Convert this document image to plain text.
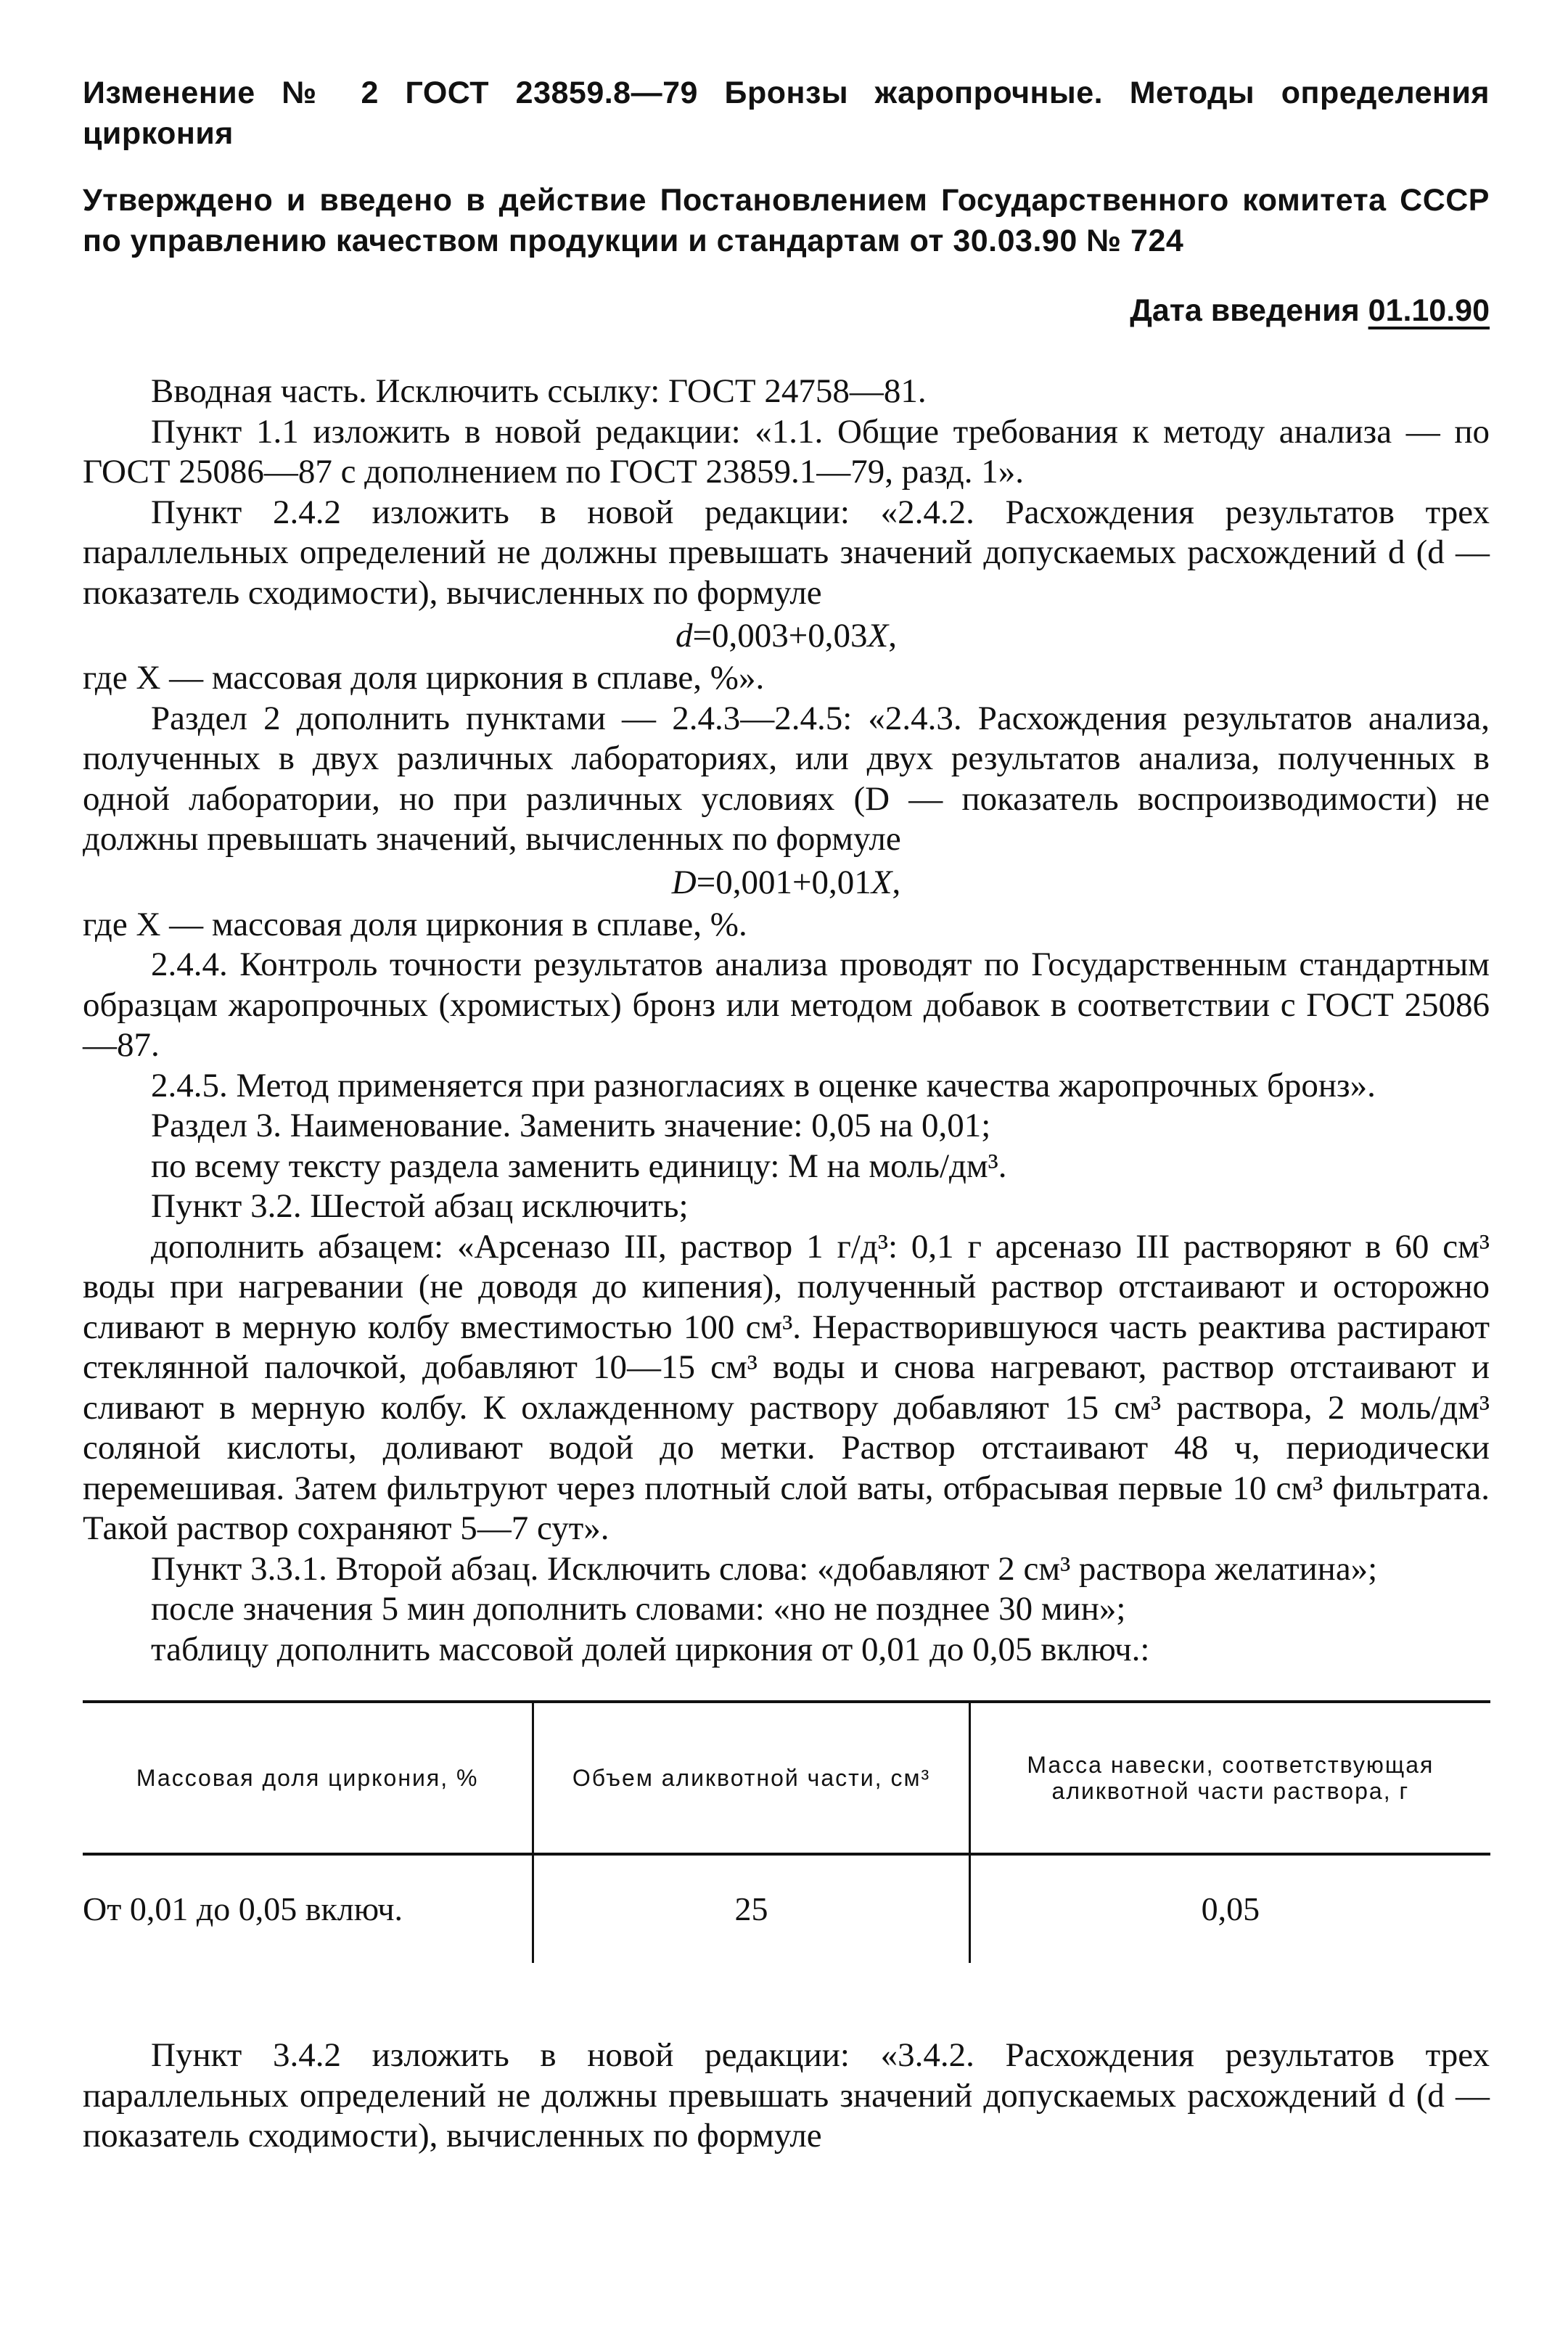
Изменение № 2 ГОСТ 23859.8—79 Бронзы жаропрочные. Методы определения циркония

Утверждено и введено в действие Постановлением Государственного комитета СССР по управлению качеством продукции и стандартам от 30.03.90 № 724

Дата введения 01.10.90

Вводная часть. Исключить ссылку: ГОСТ 24758—81.

Пункт 1.1 изложить в новой редакции: «1.1. Общие требования к методу анализа — по ГОСТ 25086—87 с дополнением по ГОСТ 23859.1—79, разд. 1».

Пункт 2.4.2 изложить в новой редакции: «2.4.2. Расхождения результатов трех параллельных определений не должны превышать значений допускаемых расхождений d (d — показатель сходимости), вычисленных по формуле

d=0,003+0,03X,

где X — массовая доля циркония в сплаве, %».

Раздел 2 дополнить пунктами — 2.4.3—2.4.5: «2.4.3. Расхождения результатов анализа, полученных в двух различных лабораториях, или двух результатов анализа, полученных в одной лаборатории, но при различных условиях (D — показатель воспроизводимости) не должны превышать значений, вычисленных по формуле

D=0,001+0,01X,

где X — массовая доля циркония в сплаве, %.

2.4.4. Контроль точности результатов анализа проводят по Государственным стандартным образцам жаропрочных (хромистых) бронз или методом добавок в соответствии с ГОСТ 25086—87.

2.4.5. Метод применяется при разногласиях в оценке качества жаропрочных бронз».

Раздел 3. Наименование. Заменить значение: 0,05 на 0,01;

по всему тексту раздела заменить единицу: М на моль/дм³.

Пункт 3.2. Шестой абзац исключить;

дополнить абзацем: «Арсеназо III, раствор 1 г/д³: 0,1 г арсеназо III растворяют в 60 см³ воды при нагревании (не доводя до кипения), полученный раствор отстаивают и осторожно сливают в мерную колбу вместимостью 100 см³. Нерастворившуюся часть реактива растирают стеклянной палочкой, добавляют 10—15 см³ воды и снова нагревают, раствор отстаивают и сливают в мерную колбу. К охлажденному раствору добавляют 15 см³ раствора, 2 моль/дм³ соляной кислоты, доливают водой до метки. Раствор отстаивают 48 ч, периодически перемешивая. Затем фильтруют через плотный слой ваты, отбрасывая первые 10 см³ фильтрата. Такой раствор сохраняют 5—7 сут».

Пункт 3.3.1. Второй абзац. Исключить слова: «добавляют 2 см³ раствора желатина»;

после значения 5 мин дополнить словами: «но не позднее 30 мин»;

таблицу дополнить массовой долей циркония от 0,01 до 0,05 включ.:

Массовая доля циркония, %	Объем аликвотной части, см³	Масса навески, соответствующая аликвотной части раствора, г
От 0,01 до 0,05 включ.	25	0,05

Пункт 3.4.2 изложить в новой редакции: «3.4.2. Расхождения результатов трех параллельных определений не должны превышать значений допускаемых расхождений d (d — показатель сходимости), вычисленных по формуле
